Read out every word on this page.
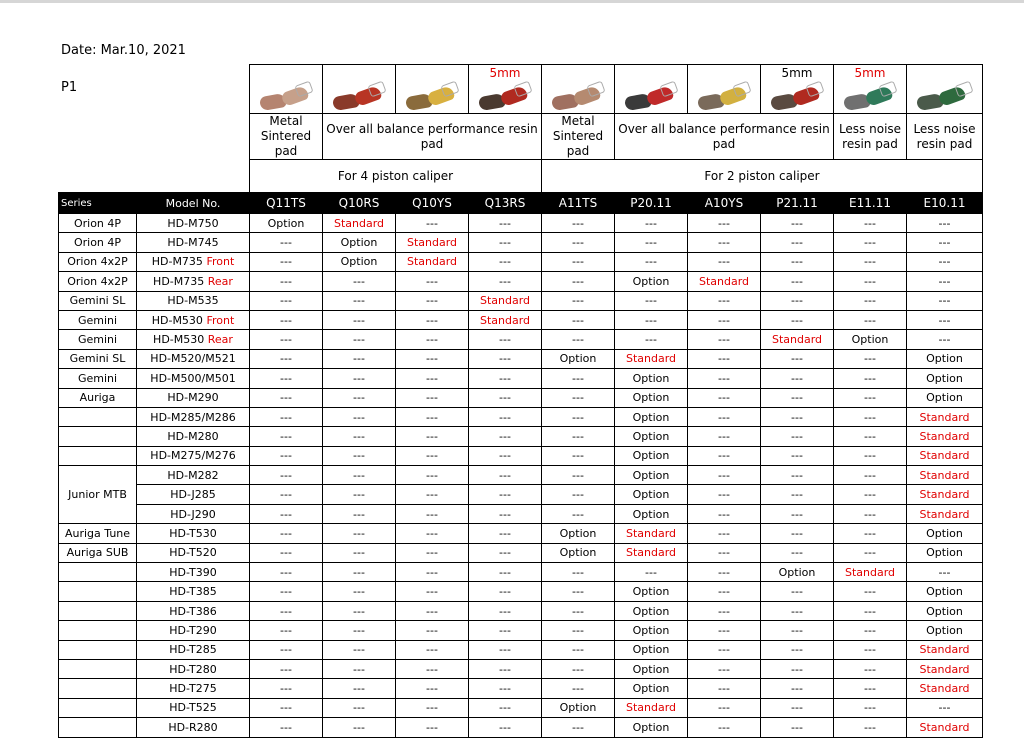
Date: Mar.10, 2021
P1

					5mm				5mm	5mm	

		Metal Sintered pad	Over all balance performance resin pad			Metal Sintered pad	Over all balance performance resin pad			Less noise resin pad	Less noise resin pad
		For 4 piston caliper				For 2 piston caliper					
Series	Model No.	Q11TS	Q10RS	Q10YS	Q13RS	A11TS	P20.11	A10YS	P21.11	E11.11	E10.11
Orion 4P	HD-M750	Option	Standard	---	---	---	---	---	---	---	---
Orion 4P	HD-M745	---	Option	Standard	---	---	---	---	---	---	---
Orion 4x2P	HD-M735 Front	---	Option	Standard	---	---	---	---	---	---	---
Orion 4x2P	HD-M735 Rear	---	---	---	---	---	Option	Standard	---	---	---
Gemini SL	HD-M535	---	---	---	Standard	---	---	---	---	---	---
Gemini	HD-M530 Front	---	---	---	Standard	---	---	---	---	---	---
Gemini	HD-M530 Rear	---	---	---	---	---	---	---	Standard	Option	---
Gemini SL	HD-M520/M521	---	---	---	---	Option	Standard	---	---	---	Option
Gemini	HD-M500/M501	---	---	---	---	---	Option	---	---	---	Option
Auriga	HD-M290	---	---	---	---	---	Option	---	---	---	Option
	HD-M285/M286	---	---	---	---	---	Option	---	---	---	Standard
	HD-M280	---	---	---	---	---	Option	---	---	---	Standard
	HD-M275/M276	---	---	---	---	---	Option	---	---	---	Standard
	HD-M282	---	---	---	---	---	Option	---	---	---	Standard
Junior MTB	HD-J285	---	---	---	---	---	Option	---	---	---	Standard
	HD-J290	---	---	---	---	---	Option	---	---	---	Standard
Auriga Tune	HD-T530	---	---	---	---	Option	Standard	---	---	---	Option
Auriga SUB	HD-T520	---	---	---	---	Option	Standard	---	---	---	Option
	HD-T390	---	---	---	---	---	---	---	Option	Standard	---
	HD-T385	---	---	---	---	---	Option	---	---	---	Option
	HD-T386	---	---	---	---	---	Option	---	---	---	Option
	HD-T290	---	---	---	---	---	Option	---	---	---	Option
	HD-T285	---	---	---	---	---	Option	---	---	---	Standard
	HD-T280	---	---	---	---	---	Option	---	---	---	Standard
	HD-T275	---	---	---	---	---	Option	---	---	---	Standard
	HD-T525	---	---	---	---	Option	Standard	---	---	---	---
	HD-R280	---	---	---	---	---	Option	---	---	---	Standard
